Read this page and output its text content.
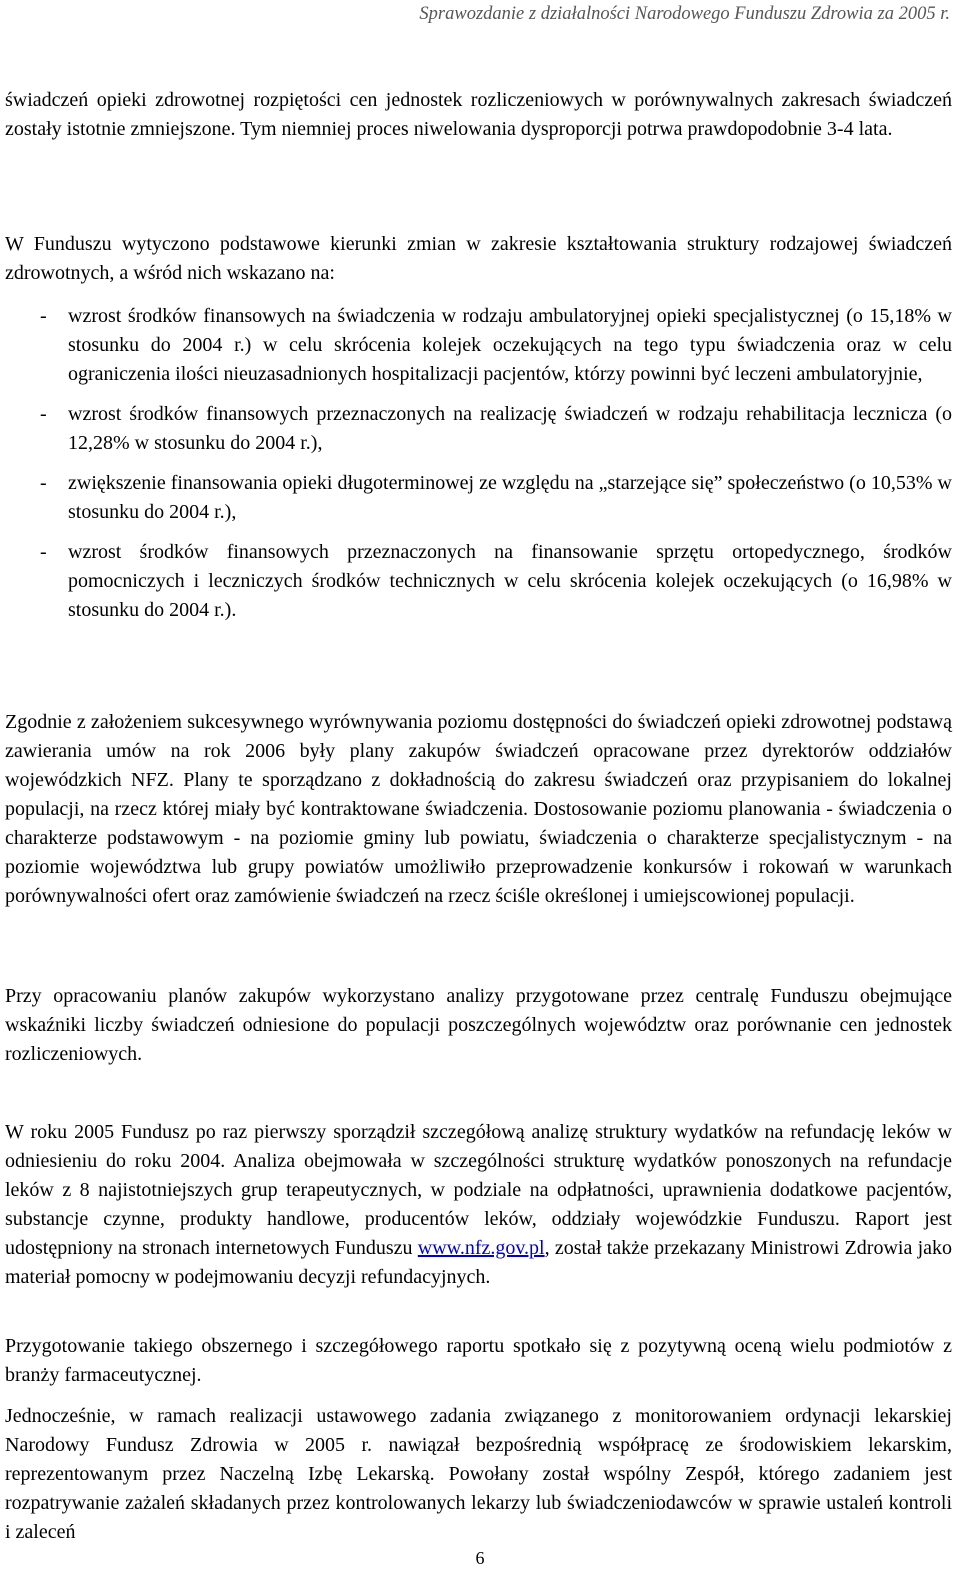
Sprawozdanie z działalności Narodowego Funduszu Zdrowia za 2005 r.

świadczeń opieki zdrowotnej rozpiętości cen jednostek rozliczeniowych w porównywalnych zakresach świadczeń zostały istotnie zmniejszone. Tym niemniej proces niwelowania dysproporcji potrwa prawdopodobnie 3-4 lata.

W Funduszu wytyczono podstawowe kierunki zmian w zakresie kształtowania struktury rodzajowej świadczeń zdrowotnych, a wśród nich wskazano na:

- wzrost środków finansowych na świadczenia w rodzaju ambulatoryjnej opieki specjalistycznej (o 15,18% w stosunku do 2004 r.) w celu skrócenia kolejek oczekujących na tego typu świadczenia oraz w celu ograniczenia ilości nieuzasadnionych hospitalizacji pacjentów, którzy powinni być leczeni ambulatoryjnie,
- wzrost środków finansowych przeznaczonych na realizację świadczeń w rodzaju rehabilitacja lecznicza (o 12,28% w stosunku do 2004 r.),
- zwiększenie finansowania opieki długoterminowej ze względu na „starzejące się” społeczeństwo (o 10,53% w stosunku do 2004 r.),
- wzrost środków finansowych przeznaczonych na finansowanie sprzętu ortopedycznego, środków pomocniczych i leczniczych środków technicznych w celu skrócenia kolejek oczekujących (o 16,98% w stosunku do 2004 r.).

Zgodnie z założeniem sukcesywnego wyrównywania poziomu dostępności do świadczeń opieki zdrowotnej podstawą zawierania umów na rok 2006 były plany zakupów świadczeń opracowane przez dyrektorów oddziałów wojewódzkich NFZ. Plany te sporządzano z dokładnością do zakresu świadczeń oraz przypisaniem do lokalnej populacji, na rzecz której miały być kontraktowane świadczenia. Dostosowanie poziomu planowania - świadczenia o charakterze podstawowym - na poziomie gminy lub powiatu, świadczenia o charakterze specjalistycznym - na poziomie województwa lub grupy powiatów umożliwiło przeprowadzenie konkursów i rokowań w warunkach porównywalności ofert oraz zamówienie świadczeń na rzecz ściśle określonej i umiejscowionej populacji.

Przy opracowaniu planów zakupów wykorzystano analizy przygotowane przez centralę Funduszu obejmujące wskaźniki liczby świadczeń odniesione do populacji poszczególnych województw oraz porównanie cen jednostek rozliczeniowych.

W roku 2005 Fundusz po raz pierwszy sporządził szczegółową analizę struktury wydatków na refundację leków w odniesieniu do roku 2004. Analiza obejmowała w szczególności strukturę wydatków ponoszonych na refundacje leków z 8 najistotniejszych grup terapeutycznych, w podziale na odpłatności, uprawnienia dodatkowe pacjentów, substancje czynne, produkty handlowe, producentów leków, oddziały wojewódzkie Funduszu. Raport jest udostępniony na stronach internetowych Funduszu www.nfz.gov.pl, został także przekazany Ministrowi Zdrowia jako materiał pomocny w podejmowaniu decyzji refundacyjnych.

Przygotowanie takiego obszernego i szczegółowego raportu spotkało się z pozytywną oceną wielu podmiotów z branży farmaceutycznej.

Jednocześnie, w ramach realizacji ustawowego zadania związanego z monitorowaniem ordynacji lekarskiej Narodowy Fundusz Zdrowia w 2005 r. nawiązał bezpośrednią współpracę ze środowiskiem lekarskim, reprezentowanym przez Naczelną Izbę Lekarską. Powołany został wspólny Zespół, którego zadaniem jest rozpatrywanie zażaleń składanych przez kontrolowanych lekarzy lub świadczeniodawców w sprawie ustaleń kontroli i zaleceń

6
